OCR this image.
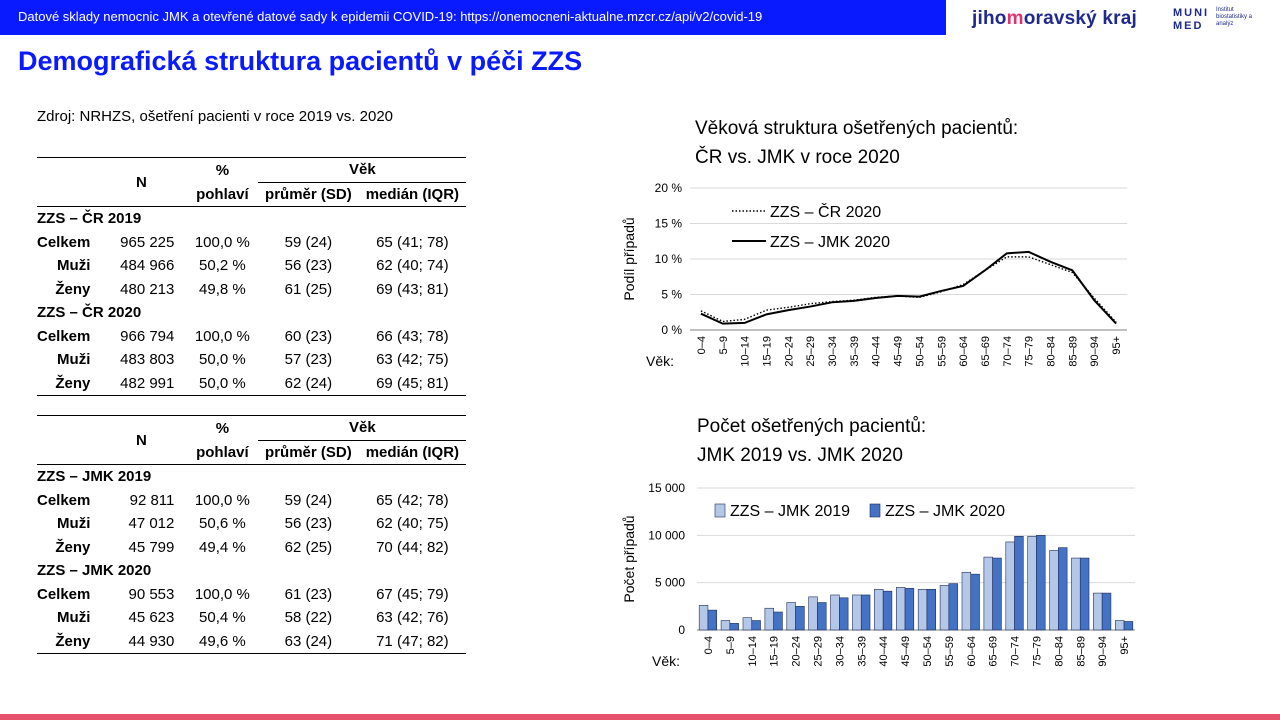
Datové sklady nemocnic JMK a otevřené datové sady k epidemii COVID-19: https://onemocneni-aktualne.mzcr.cz/api/v2/covid-19	jihomoravský kraj	MUNI
MED
Institut biostatistiky a analýz
Demografická struktura pacientů v péči ZZS
Zdroj: NRHZS, ošetření pacienti v roce 2019 vs. 2020
	N	%	Věk	
		pohlaví	průměr (SD)	medián (IQR)
ZZS – ČR 2019				
Celkem	965 225	100,0 %	59 (24)	65 (41; 78)
Muži	484 966	50,2 %	56 (23)	62 (40; 74)
Ženy	480 213	49,8 %	61 (25)	69 (43; 81)
ZZS – ČR 2020				
Celkem	966 794	100,0 %	60 (23)	66 (43; 78)
Muži	483 803	50,0 %	57 (23)	63 (42; 75)
Ženy	482 991	50,0 %	62 (24)	69 (45; 81)
	N	%	Věk	
		pohlaví	průměr (SD)	medián (IQR)
ZZS – JMK 2019				
Celkem	92 811	100,0 %	59 (24)	65 (42; 78)
Muži	47 012	50,6 %	56 (23)	62 (40; 75)
Ženy	45 799	49,4 %	62 (25)	70 (44; 82)
ZZS – JMK 2020				
Celkem	90 553	100,0 %	61 (23)	67 (45; 79)
Muži	45 623	50,4 %	58 (22)	63 (42; 76)
Ženy	44 930	49,6 %	63 (24)	71 (47; 82)
Věková struktura ošetřených pacientů:
ČR vs. JMK v roce 2020
0 %
5 %
10 %
15 %
20 %
0–4 5–9 10–14 15–19 20–24 25–29 30–34 35–39 40–44 45–49 50–54 55–59 60–64 65–69 70–74 75–79 80–84 85–89 90–94 95+
Podíl případů
Věk:
ZZS – ČR 2020
ZZS – JMK 2020
Počet ošetřených pacientů:
JMK 2019 vs. JMK 2020
0
5 000
10 000
15 000
0–4 5–9 10–14 15–19 20–24 25–29 30–34 35–39 40–44 45–49 50–54 55–59 60–64 65–69 70–74 75–79 80–84 85–89 90–94 95+
Počet případů
Věk:
ZZS – JMK 2019 ZZS – JMK 2020
